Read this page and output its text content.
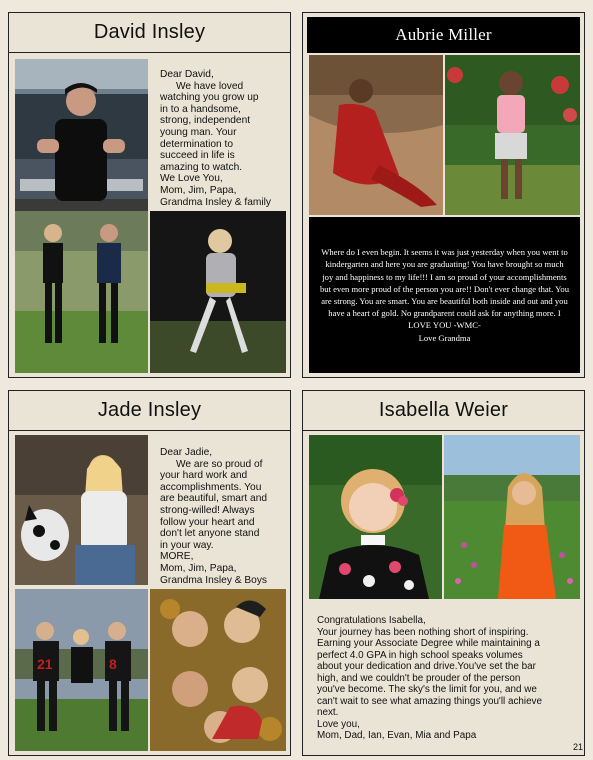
David Insley
Dear David,
We have loved
watching you grow up
in to a handsome,
strong, independent
young man. Your
determination to
succeed in life is
amazing to watch.
We Love You,
Mom, Jim, Papa,
Grandma Insley & family
Aubrie Miller
Where do I even begin. It seems it was just yesterday when you went to kindergarten and here you are graduating! You have brought so much joy and happiness to my life!!! I am so proud of your accomplishments but even more proud of the person you are!! Don't ever change that. You are strong. You are smart. You are beautiful both inside and out and you have a heart of gold. No grandparent could ask for anything more. I LOVE YOU -WMC-
Love Grandma
Jade Insley
Dear Jadie,
We are so proud of
your hard work and
accomplishments. You
are beautiful, smart and
strong-willed! Always
follow your heart and
don't let anyone stand
in your way.
MORE,
Mom, Jim, Papa,
Grandma Insley & Boys
21	8
Isabella Weier
Congratulations Isabella,
Your journey has been nothing short of inspiring.
Earning your Associate Degree while maintaining a
perfect 4.0 GPA in high school speaks volumes
about your dedication and drive.You've set the bar
high, and we couldn't be prouder of the person
you've become. The sky's the limit for you, and we
can't wait to see what amazing things you'll achieve
next.
Love you,
Mom, Dad, Ian, Evan, Mia and Papa
21
